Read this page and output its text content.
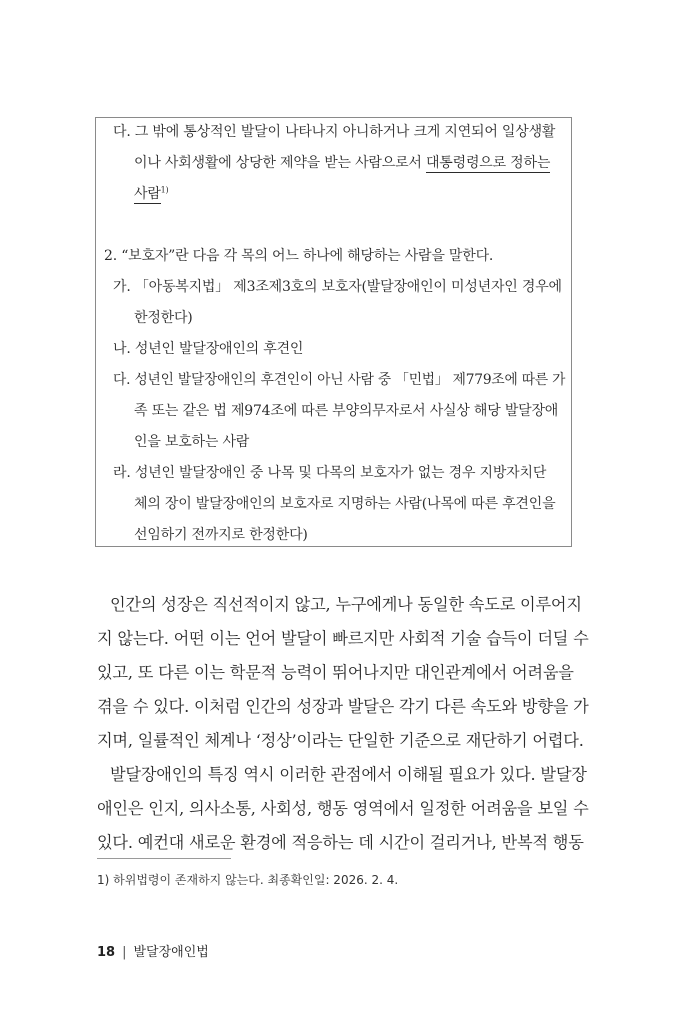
다. 그 밖에 통상적인 발달이 나타나지 아니하거나 크게 지연되어 일상생활
이나 사회생활에 상당한 제약을 받는 사람으로서 대통령령으로 정하는
사람$^{1)}$
2. “보호자”란 다음 각 목의 어느 하나에 해당하는 사람을 말한다.
가. 「아동복지법」 제3조제3호의 보호자(발달장애인이 미성년자인 경우에
한정한다)
나. 성년인 발달장애인의 후견인
다. 성년인 발달장애인의 후견인이 아닌 사람 중 「민법」 제779조에 따른 가
족 또는 같은 법 제974조에 따른 부양의무자로서 사실상 해당 발달장애
인을 보호하는 사람
라. 성년인 발달장애인 중 나목 및 다목의 보호자가 없는 경우 지방자치단
체의 장이 발달장애인의 보호자로 지명하는 사람(나목에 따른 후견인을
선임하기 전까지로 한정한다)
인간의 성장은 직선적이지 않고, 누구에게나 동일한 속도로 이루어지
지 않는다. 어떤 이는 언어 발달이 빠르지만 사회적 기술 습득이 더딜 수
있고, 또 다른 이는 학문적 능력이 뛰어나지만 대인관계에서 어려움을
겪을 수 있다. 이처럼 인간의 성장과 발달은 각기 다른 속도와 방향을 가
지며, 일률적인 체계나 ‘정상’이라는 단일한 기준으로 재단하기 어렵다.
발달장애인의 특징 역시 이러한 관점에서 이해될 필요가 있다. 발달장
애인은 인지, 의사소통, 사회성, 행동 영역에서 일정한 어려움을 보일 수
있다. 예컨대 새로운 환경에 적응하는 데 시간이 걸리거나, 반복적 행동
1) 하위법령이 존재하지 않는다. 최종확인일: 2026. 2. 4.
18 | 발달장애인법
